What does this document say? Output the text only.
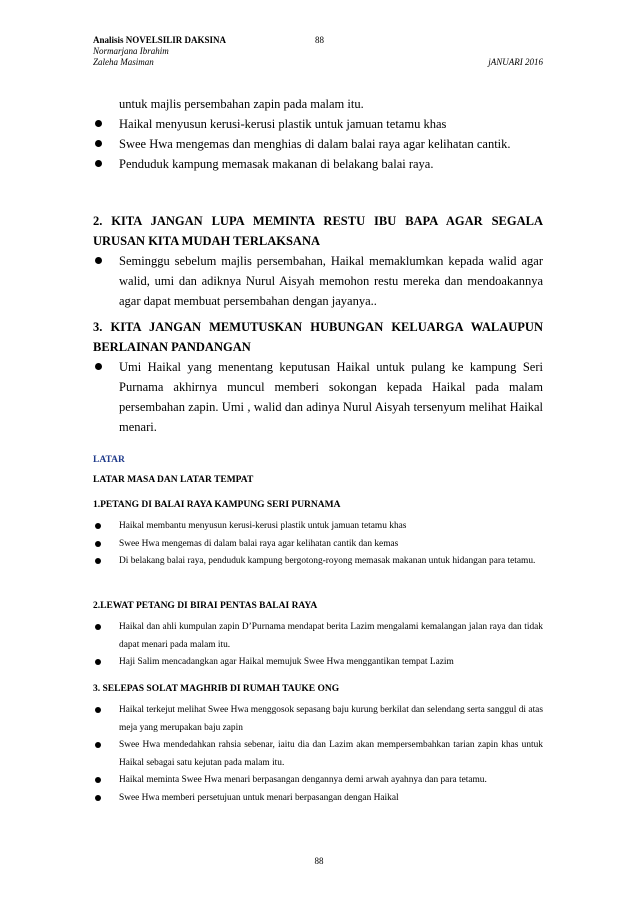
Analisis NOVELSILIR DAKSINA	88
Normarjana Ibrahim
Zaleha Masiman	jANUARI 2016
untuk majlis persembahan zapin pada malam itu.
Haikal menyusun kerusi-kerusi plastik untuk jamuan tetamu khas
Swee Hwa mengemas dan menghias di dalam balai raya agar kelihatan cantik.
Penduduk kampung memasak makanan di belakang balai raya.
2. KITA JANGAN LUPA MEMINTA RESTU IBU BAPA AGAR SEGALA
URUSAN KITA MUDAH TERLAKSANA
Seminggu sebelum majlis persembahan, Haikal memaklumkan kepada walid agar walid, umi dan adiknya Nurul Aisyah memohon restu mereka dan mendoakannya agar dapat membuat persembahan dengan jayanya..
3. KITA JANGAN MEMUTUSKAN HUBUNGAN KELUARGA WALAUPUN
BERLAINAN PANDANGAN
Umi Haikal yang menentang keputusan Haikal untuk pulang ke kampung Seri Purnama akhirnya muncul memberi sokongan kepada Haikal pada malam persembahan zapin. Umi , walid dan adinya Nurul Aisyah tersenyum melihat Haikal menari.
LATAR
LATAR MASA DAN LATAR TEMPAT
1.PETANG DI BALAI RAYA KAMPUNG SERI PURNAMA
Haikal membantu menyusun kerusi-kerusi plastik untuk jamuan tetamu khas
Swee Hwa mengemas di dalam balai raya agar kelihatan cantik dan kemas
Di belakang balai raya, penduduk kampung bergotong-royong memasak makanan untuk hidangan para tetamu.
2.LEWAT PETANG DI BIRAI PENTAS BALAI RAYA
Haikal dan ahli kumpulan zapin D’Purnama mendapat berita Lazim mengalami kemalangan jalan raya dan tidak dapat menari pada malam itu.
Haji Salim mencadangkan agar Haikal memujuk Swee Hwa menggantikan tempat Lazim
3. SELEPAS SOLAT MAGHRIB DI RUMAH TAUKE ONG
Haikal terkejut melihat Swee Hwa menggosok sepasang baju kurung berkilat dan selendang serta sanggul di atas meja yang merupakan baju zapin
Swee Hwa mendedahkan rahsia sebenar, iaitu dia dan Lazim akan mempersembahkan tarian zapin khas untuk Haikal sebagai satu kejutan pada malam itu.
Haikal meminta Swee Hwa menari berpasangan dengannya demi arwah ayahnya dan para tetamu.
Swee Hwa memberi persetujuan untuk menari berpasangan dengan Haikal
88
